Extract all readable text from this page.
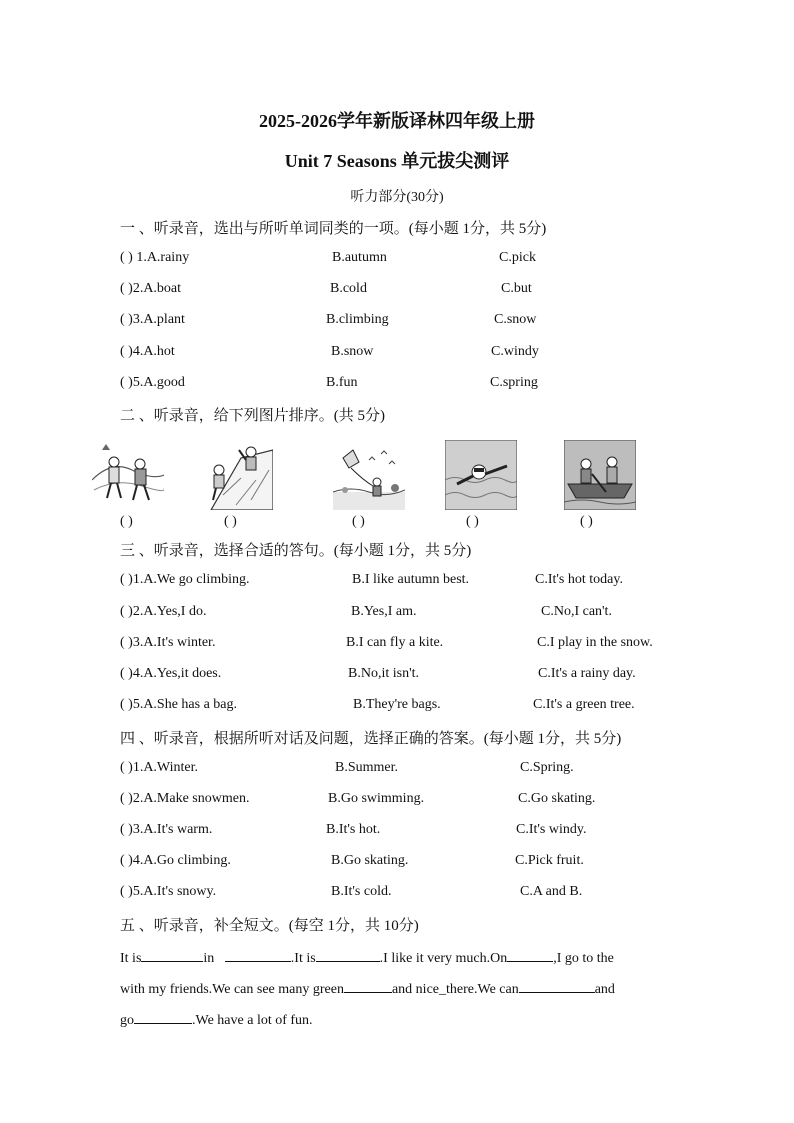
2025-2026学年新版译林四年级上册
Unit 7 Seasons 单元拔尖测评
听力部分(30分)
一 、听录音，选出与所听单词同类的一项。(每小题 1分，共 5分)
( ) 1.A.rainy	B.autumn	C.pick
( )2.A.boat	B.cold	C.but
( )3.A.plant	B.climbing	C.snow
( )4.A.hot	B.snow	C.windy
( )5.A.good	B.fun	C.spring
二 、听录音，给下列图片排序。(共 5分)
( )	( )	( )	( )	( )
三 、听录音，选择合适的答句。(每小题 1分，共 5分)
( )1.A.We go climbing.	B.I like autumn best.	C.It's hot today.
( )2.A.Yes,I do.	B.Yes,I am.	C.No,I can't.
( )3.A.It's winter.	B.I can fly a kite.	C.I play in the snow.
( )4.A.Yes,it does.	B.No,it isn't.	C.It's a rainy day.
( )5.A.She has a bag.	B.They're bags.	C.It's a green tree.
四 、听录音，根据所听对话及问题，选择正确的答案。(每小题 1分，共 5分)
( )1.A.Winter.	B.Summer.	C.Spring.
( )2.A.Make snowmen.	B.Go swimming.	C.Go skating.
( )3.A.It's warm.	B.It's hot.	C.It's windy.
( )4.A.Go climbing.	B.Go skating.	C.Pick fruit.
( )5.A.It's snowy.	B.It's cold.	C.A and B.
五 、听录音，补全短文。(每空 1分，共 10分)
It is	in	.It is	.I like it very much.On	,I go to the
with my friends.We can see many green	and nice_there.We can	and
go	.We have a lot of fun.
